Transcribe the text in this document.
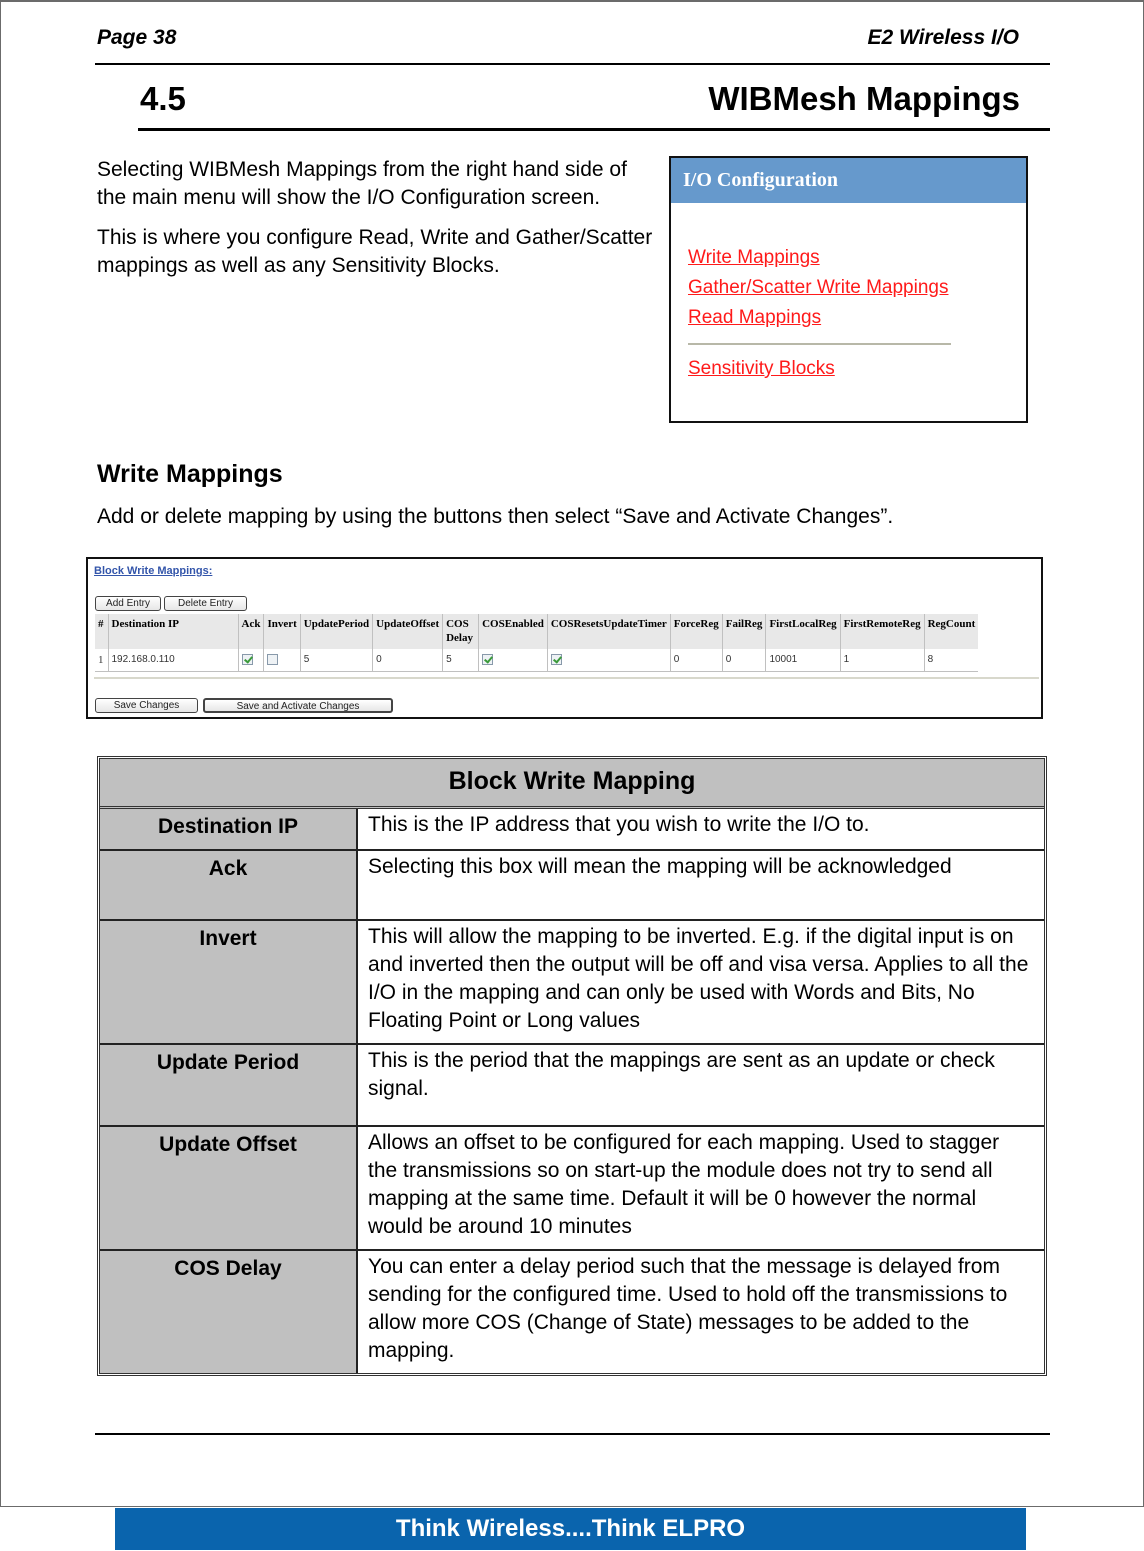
Page 38	E2 Wireless I/O
4.5	WIBMesh Mappings

Selecting WIBMesh Mappings from the right hand side of the main menu will show the I/O Configuration screen.

This is where you configure Read, Write and Gather/Scatter mappings as well as any Sensitivity Blocks.

I/O Configuration
Write Mappings
Gather/Scatter Write Mappings
Read Mappings
Sensitivity Blocks
Write Mappings
Add or delete mapping by using the buttons then select “Save and Activate Changes”.
Block Write Mappings:
Add Entry	Delete Entry
#	Destination IP	Ack	Invert	UpdatePeriod	UpdateOffset	COS Delay	COSEnabled	COSResetsUpdateTimer	ForceReg	FailReg	FirstLocalReg	FirstRemoteReg	RegCount
1	192.168.0.110			5	0	5			0	0	10001	1	8
Save Changes	Save and Activate Changes
Block Write Mapping
Destination IP	This is the IP address that you wish to write the I/O to.
Ack	Selecting this box will mean the mapping will be acknowledged
Invert	This will allow the mapping to be inverted. E.g. if the digital input is on and inverted then the output will be off and visa versa. Applies to all the I/O in the mapping and can only be used with Words and Bits, No Floating Point or Long values
Update Period	This is the period that the mappings are sent as an update or check signal.
Update Offset	Allows an offset to be configured for each mapping. Used to stagger the transmissions so on start-up the module does not try to send all mapping at the same time. Default it will be 0 however the normal would be around 10 minutes
COS Delay	You can enter a delay period such that the message is delayed from sending for the configured time. Used to hold off the transmissions to allow more COS (Change of State) messages to be added to the mapping.
Think Wireless....Think ELPRO
